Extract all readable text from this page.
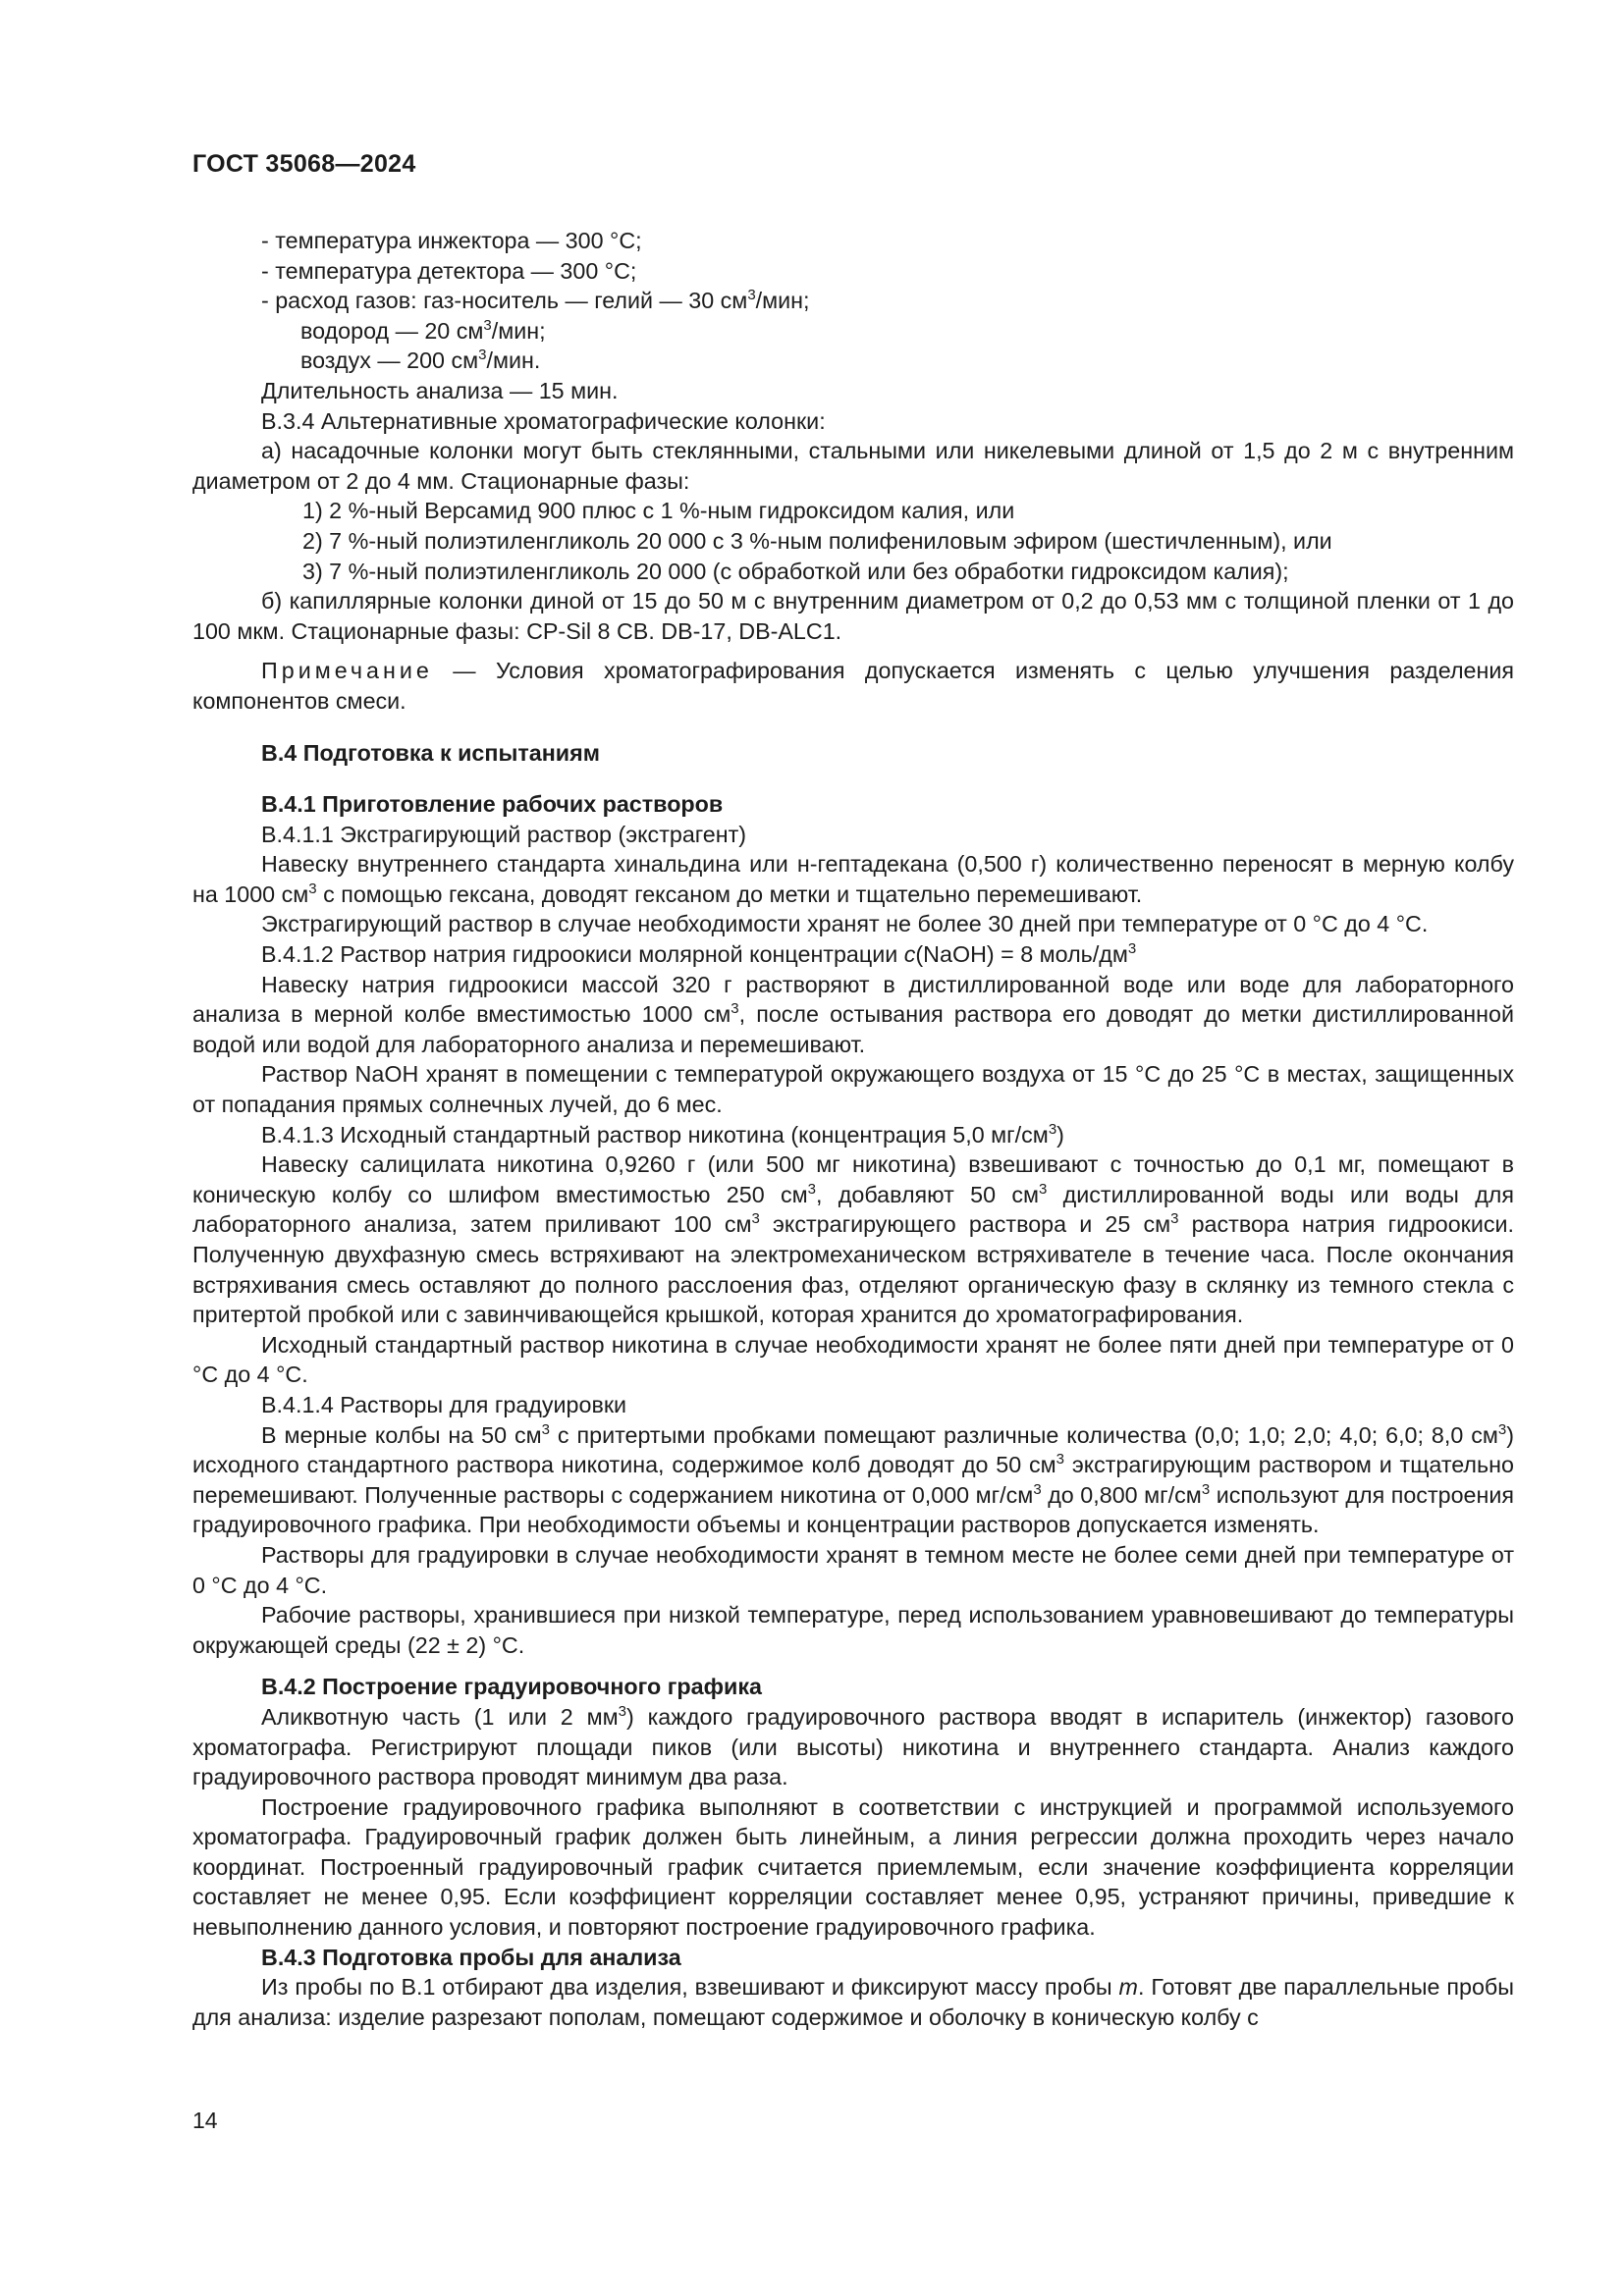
ГОСТ 35068—2024

- температура инжектора — 300 °С;

- температура детектора — 300 °С;

- расход газов: газ-носитель — гелий — 30 $см^3$/мин;

водород — 20 $см^3$/мин;

воздух — 200 $см^3$/мин.

Длительность анализа — 15 мин.

В.3.4 Альтернативные хроматографические колонки:

а) насадочные колонки могут быть стеклянными, стальными или никелевыми длиной от 1,5 до 2 м с внутренним диаметром от 2 до 4 мм. Стационарные фазы:

1) 2 %-ный Версамид 900 плюс с 1 %-ным гидроксидом калия, или

2) 7 %-ный полиэтиленгликоль 20 000 с 3 %-ным полифениловым эфиром (шестичленным), или

3) 7 %-ный полиэтиленгликоль 20 000 (с обработкой или без обработки гидроксидом калия);

б) капиллярные колонки диной от 15 до 50 м с внутренним диаметром от 0,2 до 0,53 мм с толщиной пленки от 1 до 100 мкм. Стационарные фазы: CP-Sil 8 CB. DB-17, DB-ALC1.

Примечание — Условия хроматографирования допускается изменять с целью улучшения разделения компонентов смеси.

В.4 Подготовка к испытаниям

В.4.1 Приготовление рабочих растворов

В.4.1.1 Экстрагирующий раствор (экстрагент)

Навеску внутреннего стандарта хинальдина или н-гептадекана (0,500 г) количественно переносят в мерную колбу на 1000 $см^3$ с помощью гексана, доводят гексаном до метки и тщательно перемешивают.

Экстрагирующий раствор в случае необходимости хранят не более 30 дней при температуре от 0 °С до 4 °С.

В.4.1.2 Раствор натрия гидроокиси молярной концентрации c(NaOH) = 8 моль/$дм^3$

Навеску натрия гидроокиси массой 320 г растворяют в дистиллированной воде или воде для лабораторного анализа в мерной колбе вместимостью 1000 $см^3$, после остывания раствора его доводят до метки дистиллированной водой или водой для лабораторного анализа и перемешивают.

Раствор NaOH хранят в помещении с температурой окружающего воздуха от 15 °С до 25 °С в местах, защищенных от попадания прямых солнечных лучей, до 6 мес.

В.4.1.3 Исходный стандартный раствор никотина (концентрация 5,0 $мг/см^3$)

Навеску салицилата никотина 0,9260 г (или 500 мг никотина) взвешивают с точностью до 0,1 мг, помещают в коническую колбу со шлифом вместимостью 250 $см^3$, добавляют 50 $см^3$ дистиллированной воды или воды для лабораторного анализа, затем приливают 100 $см^3$ экстрагирующего раствора и 25 $см^3$ раствора натрия гидроокиси. Полученную двухфазную смесь встряхивают на электромеханическом встряхивателе в течение часа. После окончания встряхивания смесь оставляют до полного расслоения фаз, отделяют органическую фазу в склянку из темного стекла с притертой пробкой или с завинчивающейся крышкой, которая хранится до хроматографирования.

Исходный стандартный раствор никотина в случае необходимости хранят не более пяти дней при температуре от 0 °С до 4 °С.

В.4.1.4 Растворы для градуировки

В мерные колбы на 50 $см^3$ с притертыми пробками помещают различные количества (0,0; 1,0; 2,0; 4,0; 6,0; 8,0 $см^3$) исходного стандартного раствора никотина, содержимое колб доводят до 50 $см^3$ экстрагирующим раствором и тщательно перемешивают. Полученные растворы с содержанием никотина от 0,000 $мг/см^3$ до 0,800 $мг/см^3$ используют для построения градуировочного графика. При необходимости объемы и концентрации растворов допускается изменять.

Растворы для градуировки в случае необходимости хранят в темном месте не более семи дней при температуре от 0 °С до 4 °С.

Рабочие растворы, хранившиеся при низкой температуре, перед использованием уравновешивают до температуры окружающей среды (22 ± 2) °С.

В.4.2 Построение градуировочного графика

Аликвотную часть (1 или 2 $мм^3$) каждого градуировочного раствора вводят в испаритель (инжектор) газового хроматографа. Регистрируют площади пиков (или высоты) никотина и внутреннего стандарта. Анализ каждого градуировочного раствора проводят минимум два раза.

Построение градуировочного графика выполняют в соответствии с инструкцией и программой используемого хроматографа. Градуировочный график должен быть линейным, а линия регрессии должна проходить через начало координат. Построенный градуировочный график считается приемлемым, если значение коэффициента корреляции составляет не менее 0,95. Если коэффициент корреляции составляет менее 0,95, устраняют причины, приведшие к невыполнению данного условия, и повторяют построение градуировочного графика.

В.4.3 Подготовка пробы для анализа

Из пробы по В.1 отбирают два изделия, взвешивают и фиксируют массу пробы m. Готовят две параллельные пробы для анализа: изделие разрезают пополам, помещают содержимое и оболочку в коническую колбу с

14
